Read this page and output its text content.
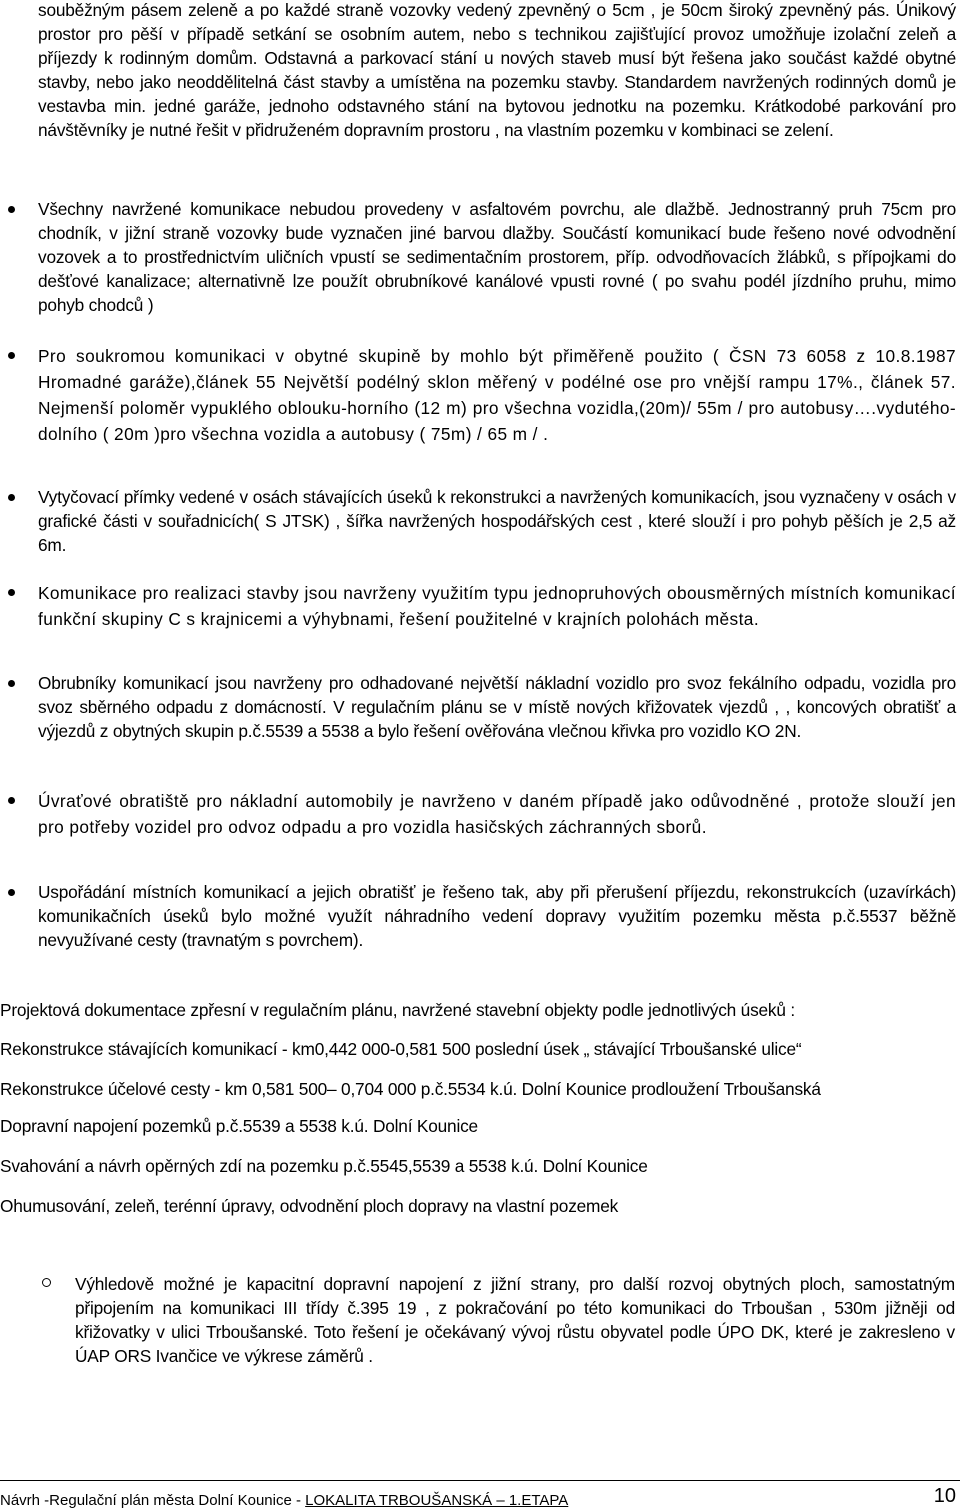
souběžným pásem zeleně a po každé straně vozovky vedený zpevněný o 5cm , je 50cm široký zpevněný pás. Únikový prostor pro pěší v případě setkání se osobním autem, nebo s technikou zajišťující provoz umožňuje izolační zeleň a příjezdy k rodinným domům. Odstavná a parkovací stání u nových staveb musí být řešena jako součást každé obytné stavby, nebo jako neoddělitelná část stavby a umístěna na pozemku stavby. Standardem navržených rodinných domů je vestavba min. jedné garáže, jednoho odstavného stání na bytovou jednotku na pozemku. Krátkodobé parkování pro návštěvníky je nutné řešit v přidruženém dopravním prostoru , na vlastním pozemku v kombinaci se zelení.
Všechny navržené komunikace nebudou provedeny v asfaltovém povrchu, ale dlažbě. Jednostranný pruh 75cm pro chodník, v jižní straně vozovky bude vyznačen jiné barvou dlažby. Součástí komunikací bude řešeno nové odvodnění vozovek a to prostřednictvím uličních vpustí se sedimentačním prostorem, příp. odvodňovacích žlábků, s přípojkami do dešťové kanalizace; alternativně lze použít obrubníkové kanálové vpusti rovné ( po svahu podél jízdního pruhu, mimo pohyb chodců )
Pro soukromou komunikaci v obytné skupině by mohlo být přiměřeně použito ( ČSN 73 6058 z 10.8.1987 Hromadné garáže),článek 55 Největší podélný sklon měřený v podélné ose pro vnější rampu 17%., článek 57. Nejmenší poloměr vypuklého oblouku-horního (12 m) pro všechna vozidla,(20m)/ 55m / pro autobusy….vydutého-dolního ( 20m )pro všechna vozidla a autobusy ( 75m) / 65 m / .
Vytyčovací přímky vedené v osách stávajících úseků k rekonstrukci a navržených komunikacích, jsou vyznačeny v osách v grafické části v souřadnicích( S JTSK) , šířka navržených hospodářských cest , které slouží i pro pohyb pěších je 2,5 až 6m.
Komunikace pro realizaci stavby jsou navrženy využitím typu jednopruhových obousměrných místních komunikací funkční skupiny C s krajnicemi a výhybnami, řešení použitelné v krajních polohách města.
Obrubníky komunikací jsou navrženy pro odhadované největší nákladní vozidlo pro svoz fekálního odpadu, vozidla pro svoz sběrného odpadu z domácností. V regulačním plánu se v místě nových křižovatek vjezdů , , koncových obratišť a výjezdů z obytných skupin p.č.5539 a 5538 a bylo řešení ověřována vlečnou křivka pro vozidlo KO 2N.
Úvraťové obratiště pro nákladní automobily je navrženo v daném případě jako odůvodněné , protože slouží jen pro potřeby vozidel pro odvoz odpadu a pro vozidla hasičských záchranných sborů.
Uspořádání místních komunikací a jejich obratišť je řešeno tak, aby při přerušení příjezdu, rekonstrukcích (uzavírkách) komunikačních úseků bylo možné využít náhradního vedení dopravy využitím pozemku města p.č.5537 běžně nevyužívané cesty (travnatým s povrchem).
Projektová dokumentace zpřesní v regulačním plánu, navržené stavební objekty podle jednotlivých úseků :
Rekonstrukce stávajících komunikací - km0,442 000-0,581 500 poslední úsek „ stávající Trboušanské ulice“
Rekonstrukce účelové cesty - km 0,581 500– 0,704 000 p.č.5534 k.ú. Dolní Kounice prodloužení Trboušanská
Dopravní napojení pozemků p.č.5539 a 5538 k.ú. Dolní Kounice
Svahování a návrh opěrných zdí na pozemku p.č.5545,5539 a 5538 k.ú. Dolní Kounice
Ohumusování, zeleň, terénní úpravy, odvodnění ploch dopravy na vlastní pozemek
Výhledově možné je kapacitní dopravní napojení z jižní strany, pro další rozvoj obytných ploch, samostatným připojením na komunikaci III třídy č.395 19 , z pokračování po této komunikaci do Trboušan , 530m jižněji od křižovatky v ulici Trboušanské. Toto řešení je očekávaný vývoj růstu obyvatel podle ÚPO DK, které je zakresleno v ÚAP ORS Ivančice ve výkrese záměrů .
Návrh -Regulační plán města Dolní Kounice - LOKALITA TRBOUŠANSKÁ – 1.ETAPA	10
